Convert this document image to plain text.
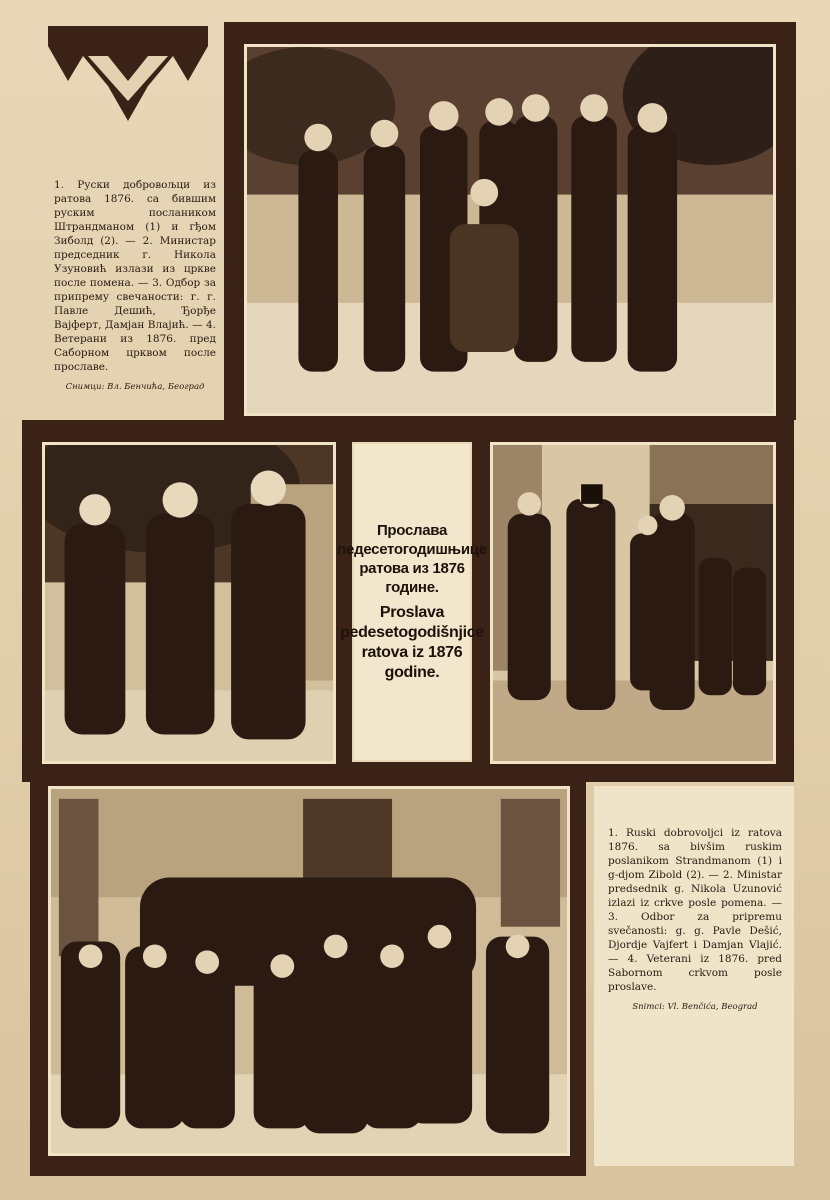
1. Руски добровољци из ратова 1876. са бившим руским послаником Штрандманом (1) и гђом Зиболд (2). — 2. Министар председник г. Никола Узуновић излази из цркве после помена. — 3. Одбор за припрему свечаности: г. г. Павле Дешић, Ђорђе Вајферт, Дамјан Влајић. — 4. Ветерани из 1876. пред Саборном црквом после прославе.
Снимци: Вл. Бенчића, Београд
Прослава педесетогодишњице ратова из 1876 године.
Proslava pedesetogodišnjice ratova iz 1876 godine.
1. Ruski dobrovoljci iz ratova 1876. sa bivšim ruskim poslanikom Strandmanom (1) i g-djom Zibold (2). — 2. Ministar predsednik g. Nikola Uzunović izlazi iz crkve posle pomena. — 3. Odbor za pripremu svečanosti: g. g. Pavle Dešić, Djordje Vajfert i Damjan Vlajić. — 4. Veterani iz 1876. pred Sabornom crkvom posle proslave.
Snimci: Vl. Benčića, Beograd
